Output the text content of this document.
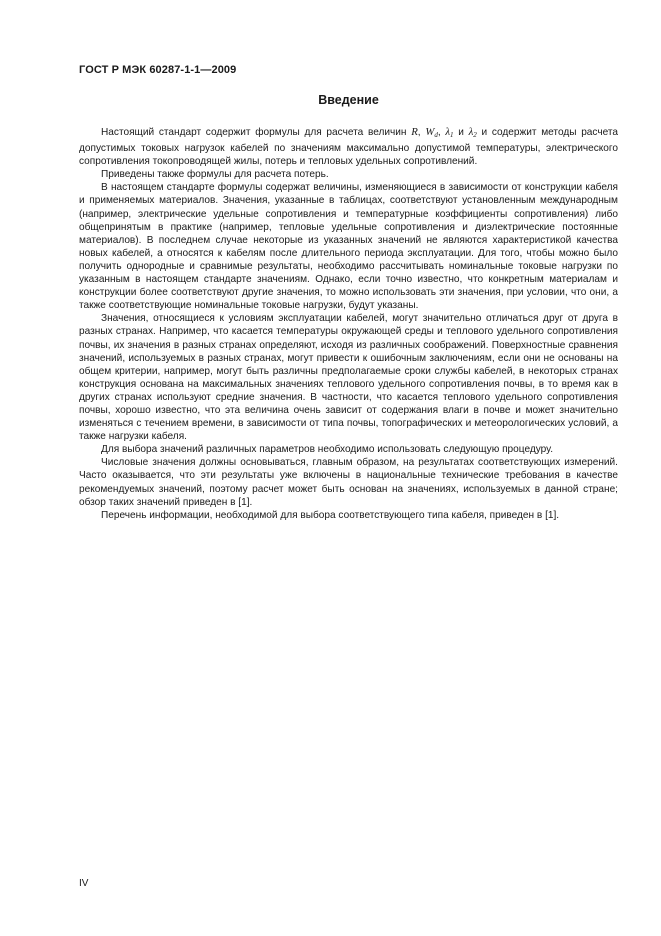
ГОСТ Р МЭК 60287-1-1—2009
Введение

Настоящий стандарт содержит формулы для расчета величин R, $W_d$, $\lambda_1$ и $\lambda_2$ и содержит методы расчета допустимых токовых нагрузок кабелей по значениям максимально допустимой температуры, электрического сопротивления токопроводящей жилы, потерь и тепловых удельных сопротивлений.

Приведены также формулы для расчета потерь.

В настоящем стандарте формулы содержат величины, изменяющиеся в зависимости от конструкции кабеля и применяемых материалов. Значения, указанные в таблицах, соответствуют установленным международным (например, электрические удельные сопротивления и температурные коэффициенты сопротивления) либо общепринятым в практике (например, тепловые удельные сопротивления и диэлектрические постоянные материалов). В последнем случае некоторые из указанных значений не являются характеристикой качества новых кабелей, а относятся к кабелям после длительного периода эксплуатации. Для того, чтобы можно было получить однородные и сравнимые результаты, необходимо рассчитывать номинальные токовые нагрузки по указанным в настоящем стандарте значениям. Однако, если точно известно, что конкретным материалам и конструкции более соответствуют другие значения, то можно использовать эти значения, при условии, что они, а также соответствующие номинальные токовые нагрузки, будут указаны.

Значения, относящиеся к условиям эксплуатации кабелей, могут значительно отличаться друг от друга в разных странах. Например, что касается температуры окружающей среды и теплового удельного сопротивления почвы, их значения в разных странах определяют, исходя из различных соображений. Поверхностные сравнения значений, используемых в разных странах, могут привести к ошибочным заключениям, если они не основаны на общем критерии, например, могут быть различны предполагаемые сроки службы кабелей, в некоторых странах конструкция основана на максимальных значениях теплового удельного сопротивления почвы, в то время как в других странах используют средние значения. В частности, что касается теплового удельного сопротивления почвы, хорошо известно, что эта величина очень зависит от содержания влаги в почве и может значительно изменяться с течением времени, в зависимости от типа почвы, топографических и метеорологических условий, а также нагрузки кабеля.

Для выбора значений различных параметров необходимо использовать следующую процедуру.

Числовые значения должны основываться, главным образом, на результатах соответствующих измерений. Часто оказывается, что эти результаты уже включены в национальные технические требования в качестве рекомендуемых значений, поэтому расчет может быть основан на значениях, используемых в данной стране; обзор таких значений приведен в [1].

Перечень информации, необходимой для выбора соответствующего типа кабеля, приведен в [1].

IV
